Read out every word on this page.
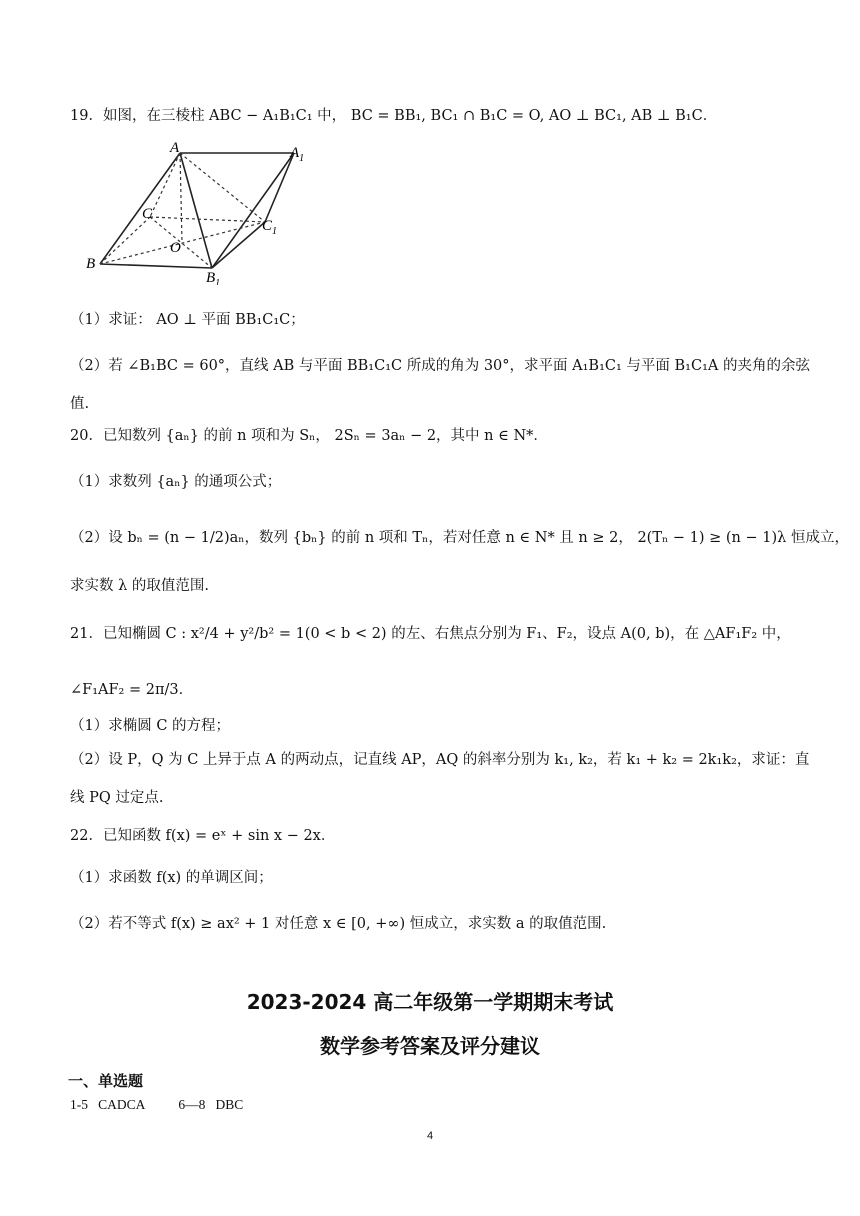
19．如图，在三棱柱 ABC − A₁B₁C₁ 中， BC = BB₁, BC₁ ∩ B₁C = O, AO ⊥ BC₁, AB ⊥ B₁C．
A	$A_1$
B
$B_1$
C
$C_1$
O
（1）求证： AO ⊥ 平面 BB₁C₁C；
（2）若 ∠B₁BC = 60°，直线 AB 与平面 BB₁C₁C 所成的角为 30°，求平面 A₁B₁C₁ 与平面 B₁C₁A 的夹角的余弦
值.
20．已知数列 {aₙ} 的前 n 项和为 Sₙ， 2Sₙ = 3aₙ − 2，其中 n ∈ N*．
（1）求数列 {aₙ} 的通项公式；
（2）设 bₙ = (n − 1/2)aₙ，数列 {bₙ} 的前 n 项和 Tₙ，若对任意 n ∈ N* 且 n ≥ 2， 2(Tₙ − 1) ≥ (n − 1)λ 恒成立，
求实数 λ 的取值范围.
21．已知椭圆 C : x²/4 + y²/b² = 1(0 < b < 2) 的左、右焦点分别为 F₁、F₂，设点 A(0, b)，在 △AF₁F₂ 中，
∠F₁AF₂ = 2π/3．
（1）求椭圆 C 的方程；
（2）设 P，Q 为 C 上异于点 A 的两动点，记直线 AP，AQ 的斜率分别为 k₁, k₂，若 k₁ + k₂ = 2k₁k₂，求证：直
线 PQ 过定点.
22．已知函数 f(x) = eˣ + sin x − 2x．
（1）求函数 f(x) 的单调区间；
（2）若不等式 f(x) ≥ ax² + 1 对任意 x ∈ [0, +∞) 恒成立，求实数 a 的取值范围.
2023-2024 高二年级第一学期期末考试
数学参考答案及评分建议
一、单选题
1-5   CADCA          6—8   DBC
4
